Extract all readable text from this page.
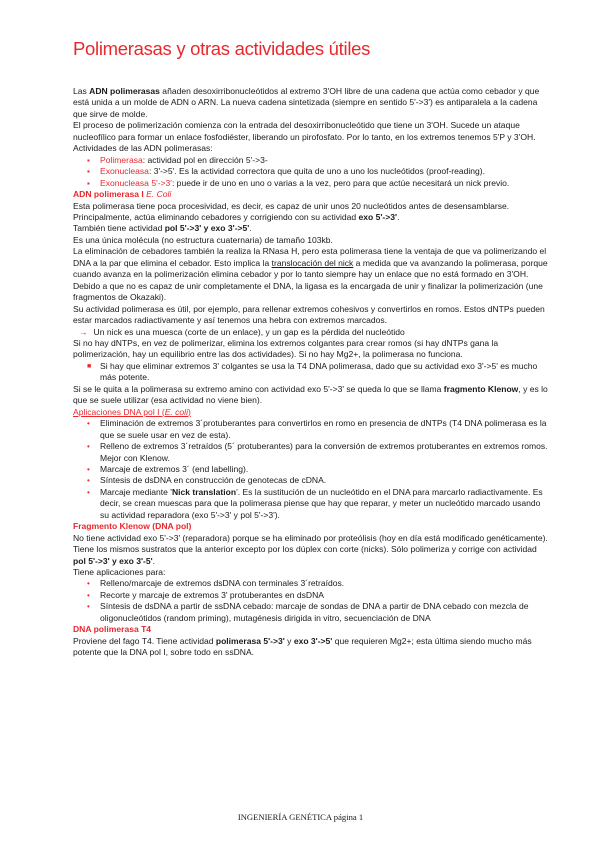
Polimerasas y otras actividades útiles

Las ADN polimerasas añaden desoxirribonucleótidos al extremo 3'OH libre de una cadena que actúa como cebador y que está unida a un molde de ADN o ARN. La nueva cadena sintetizada (siempre en sentido 5'->3') es antiparalela a la cadena que sirve de molde.

El proceso de polimerización comienza con la entrada del desoxirribonucleótido que tiene un 3'OH. Sucede un ataque nucleofílico para formar un enlace fosfodiéster, liberando un pirofosfato. Por lo tanto, en los extremos tenemos 5'P y 3'OH.

Actividades de las ADN polimerasas:

▪ Polimerasa: actividad pol en dirección 5'->3-
▪ Exonucleasa: 3'->5'. Es la actividad correctora que quita de uno a uno los nucleótidos (proof-reading).
▪ Exonucleasa 5'->3': puede ir de uno en uno o varias a la vez, pero para que actúe necesitará un nick previo.

ADN polimerasa I E. Coli

Esta polimerasa tiene poca procesividad, es decir, es capaz de unir unos 20 nucleótidos antes de desensamblarse. Principalmente, actúa eliminando cebadores y corrigiendo con su actividad exo 5'->3'.

También tiene actividad pol 5'->3' y exo 3'->5'.

Es una única molécula (no estructura cuaternaria) de tamaño 103kb.

La eliminación de cebadores también la realiza la RNasa H, pero esta polimerasa tiene la ventaja de que va polimerizando el DNA a la par que elimina el cebador. Esto implica la translocación del nick a medida que va avanzando la polimerasa, porque cuando avanza en la polimerización elimina cebador y por lo tanto siempre hay un enlace que no está formado en 3'OH. Debido a que no es capaz de unir completamente el DNA, la ligasa es la encargada de unir y finalizar la polimerización (une fragmentos de Okazaki).

Su actividad polimerasa es útil, por ejemplo, para rellenar extremos cohesivos y convertirlos en romos. Estos dNTPs pueden estar marcados radiactivamente y así tenemos una hebra con extremos marcados.

→ Un nick es una muesca (corte de un enlace), y un gap es la pérdida del nucleótido

Si no hay dNTPs, en vez de polimerizar, elimina los extremos colgantes para crear romos (si hay dNTPs gana la polimerización, hay un equilibrio entre las dos actividades). Si no hay Mg2+, la polimerasa no funciona.

■ Si hay que eliminar extremos 3' colgantes se usa la T4 DNA polimerasa, dado que su actividad exo 3'->5' es mucho más potente.

Si se le quita a la polimerasa su extremo amino con actividad exo 5'->3' se queda lo que se llama fragmento Klenow, y es lo que se suele utilizar (esa actividad no viene bien).

Aplicaciones DNA pol I (E. coli)

• Eliminación de extremos 3´protuberantes para convertirlos en romo en presencia de dNTPs (T4 DNA polimerasa es la que se suele usar en vez de esta).
• Relleno de extremos 3´retraídos (5´ protuberantes) para la conversión de extremos protuberantes en extremos romos. Mejor con Klenow.
• Marcaje de extremos 3´ (end labelling).
• Síntesis de dsDNA en construcción de genotecas de cDNA.
• Marcaje mediante 'Nick translation'. Es la sustitución de un nucleótido en el DNA para marcarlo radiactivamente. Es decir, se crean muescas para que la polimerasa piense que hay que reparar, y meter un nucleótido marcado usando su actividad reparadora (exo 5'->3' y pol 5'->3').

Fragmento Klenow (DNA pol)

No tiene actividad exo 5'->3' (reparadora) porque se ha eliminado por proteólisis (hoy en día está modificado genéticamente). Tiene los mismos sustratos que la anterior excepto por los dúplex con corte (nicks). Sólo polimeriza y corrige con actividad pol 5'->3' y exo 3'-5'.

Tiene aplicaciones para:

• Relleno/marcaje de extremos dsDNA con terminales 3´retraídos.
• Recorte y marcaje de extremos 3' protuberantes en dsDNA
• Síntesis de dsDNA a partir de ssDNA cebado: marcaje de sondas de DNA a partir de DNA cebado con mezcla de oligonucleótidos (random priming), mutagénesis dirigida in vitro, secuenciación de DNA

DNA polimerasa T4

Proviene del fago T4. Tiene actividad polimerasa 5'->3' y exo 3'->5' que requieren Mg2+; esta última siendo mucho más potente que la DNA pol I, sobre todo en ssDNA.

INGENIERÍA GENÉTICA página 1
